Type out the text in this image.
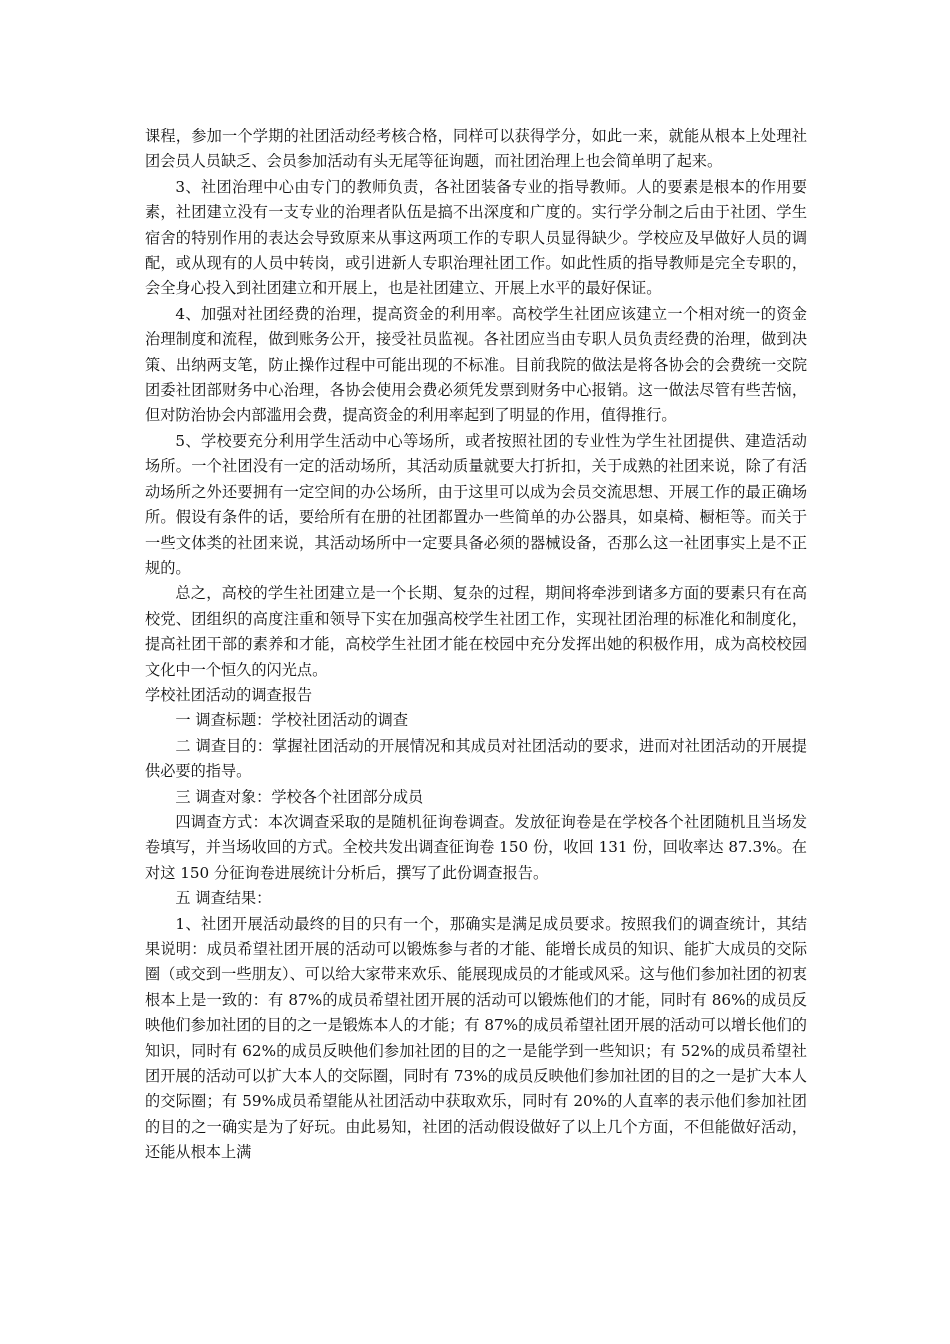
课程，参加一个学期的社团活动经考核合格，同样可以获得学分，如此一来，就能从根本上处理社团会员人员缺乏、会员参加活动有头无尾等征询题，而社团治理上也会简单明了起来。

3、社团治理中心由专门的教师负责，各社团装备专业的指导教师。人的要素是根本的作用要素，社团建立没有一支专业的治理者队伍是搞不出深度和广度的。实行学分制之后由于社团、学生宿舍的特别作用的表达会导致原来从事这两项工作的专职人员显得缺少。学校应及早做好人员的调配，或从现有的人员中转岗，或引进新人专职治理社团工作。如此性质的指导教师是完全专职的，会全身心投入到社团建立和开展上，也是社团建立、开展上水平的最好保证。

4、加强对社团经费的治理，提高资金的利用率。高校学生社团应该建立一个相对统一的资金治理制度和流程，做到账务公开，接受社员监视。各社团应当由专职人员负责经费的治理，做到决策、出纳两支笔，防止操作过程中可能出现的不标准。目前我院的做法是将各协会的会费统一交院团委社团部财务中心治理，各协会使用会费必须凭发票到财务中心报销。这一做法尽管有些苦恼，但对防治协会内部滥用会费，提高资金的利用率起到了明显的作用，值得推行。

5、学校要充分利用学生活动中心等场所，或者按照社团的专业性为学生社团提供、建造活动场所。一个社团没有一定的活动场所，其活动质量就要大打折扣，关于成熟的社团来说，除了有活动场所之外还要拥有一定空间的办公场所，由于这里可以成为会员交流思想、开展工作的最正确场所。假设有条件的话，要给所有在册的社团都置办一些简单的办公器具，如桌椅、橱柜等。而关于一些文体类的社团来说，其活动场所中一定要具备必须的器械设备，否那么这一社团事实上是不正规的。

总之，高校的学生社团建立是一个长期、复杂的过程，期间将牵涉到诸多方面的要素只有在高校党、团组织的高度注重和领导下实在加强高校学生社团工作，实现社团治理的标准化和制度化，提高社团干部的素养和才能，高校学生社团才能在校园中充分发挥出她的积极作用，成为高校校园文化中一个恒久的闪光点。

学校社团活动的调查报告

一 调查标题：学校社团活动的调查

二 调查目的：掌握社团活动的开展情况和其成员对社团活动的要求，进而对社团活动的开展提供必要的指导。

三 调查对象：学校各个社团部分成员

四调查方式：本次调查采取的是随机征询卷调查。发放征询卷是在学校各个社团随机且当场发卷填写，并当场收回的方式。全校共发出调查征询卷 150 份，收回 131 份，回收率达 87.3%。在对这 150 分征询卷进展统计分析后，撰写了此份调查报告。

五 调查结果：

1、社团开展活动最终的目的只有一个，那确实是满足成员要求。按照我们的调查统计，其结果说明：成员希望社团开展的活动可以锻炼参与者的才能、能增长成员的知识、能扩大成员的交际圈（或交到一些朋友）、可以给大家带来欢乐、能展现成员的才能或风采。这与他们参加社团的初衷根本上是一致的：有 87%的成员希望社团开展的活动可以锻炼他们的才能，同时有 86%的成员反映他们参加社团的目的之一是锻炼本人的才能；有 87%的成员希望社团开展的活动可以增长他们的知识，同时有 62%的成员反映他们参加社团的目的之一是能学到一些知识；有 52%的成员希望社团开展的活动可以扩大本人的交际圈，同时有 73%的成员反映他们参加社团的目的之一是扩大本人的交际圈；有 59%成员希望能从社团活动中获取欢乐，同时有 20%的人直率的表示他们参加社团的目的之一确实是为了好玩。由此易知，社团的活动假设做好了以上几个方面，不但能做好活动，还能从根本上满
